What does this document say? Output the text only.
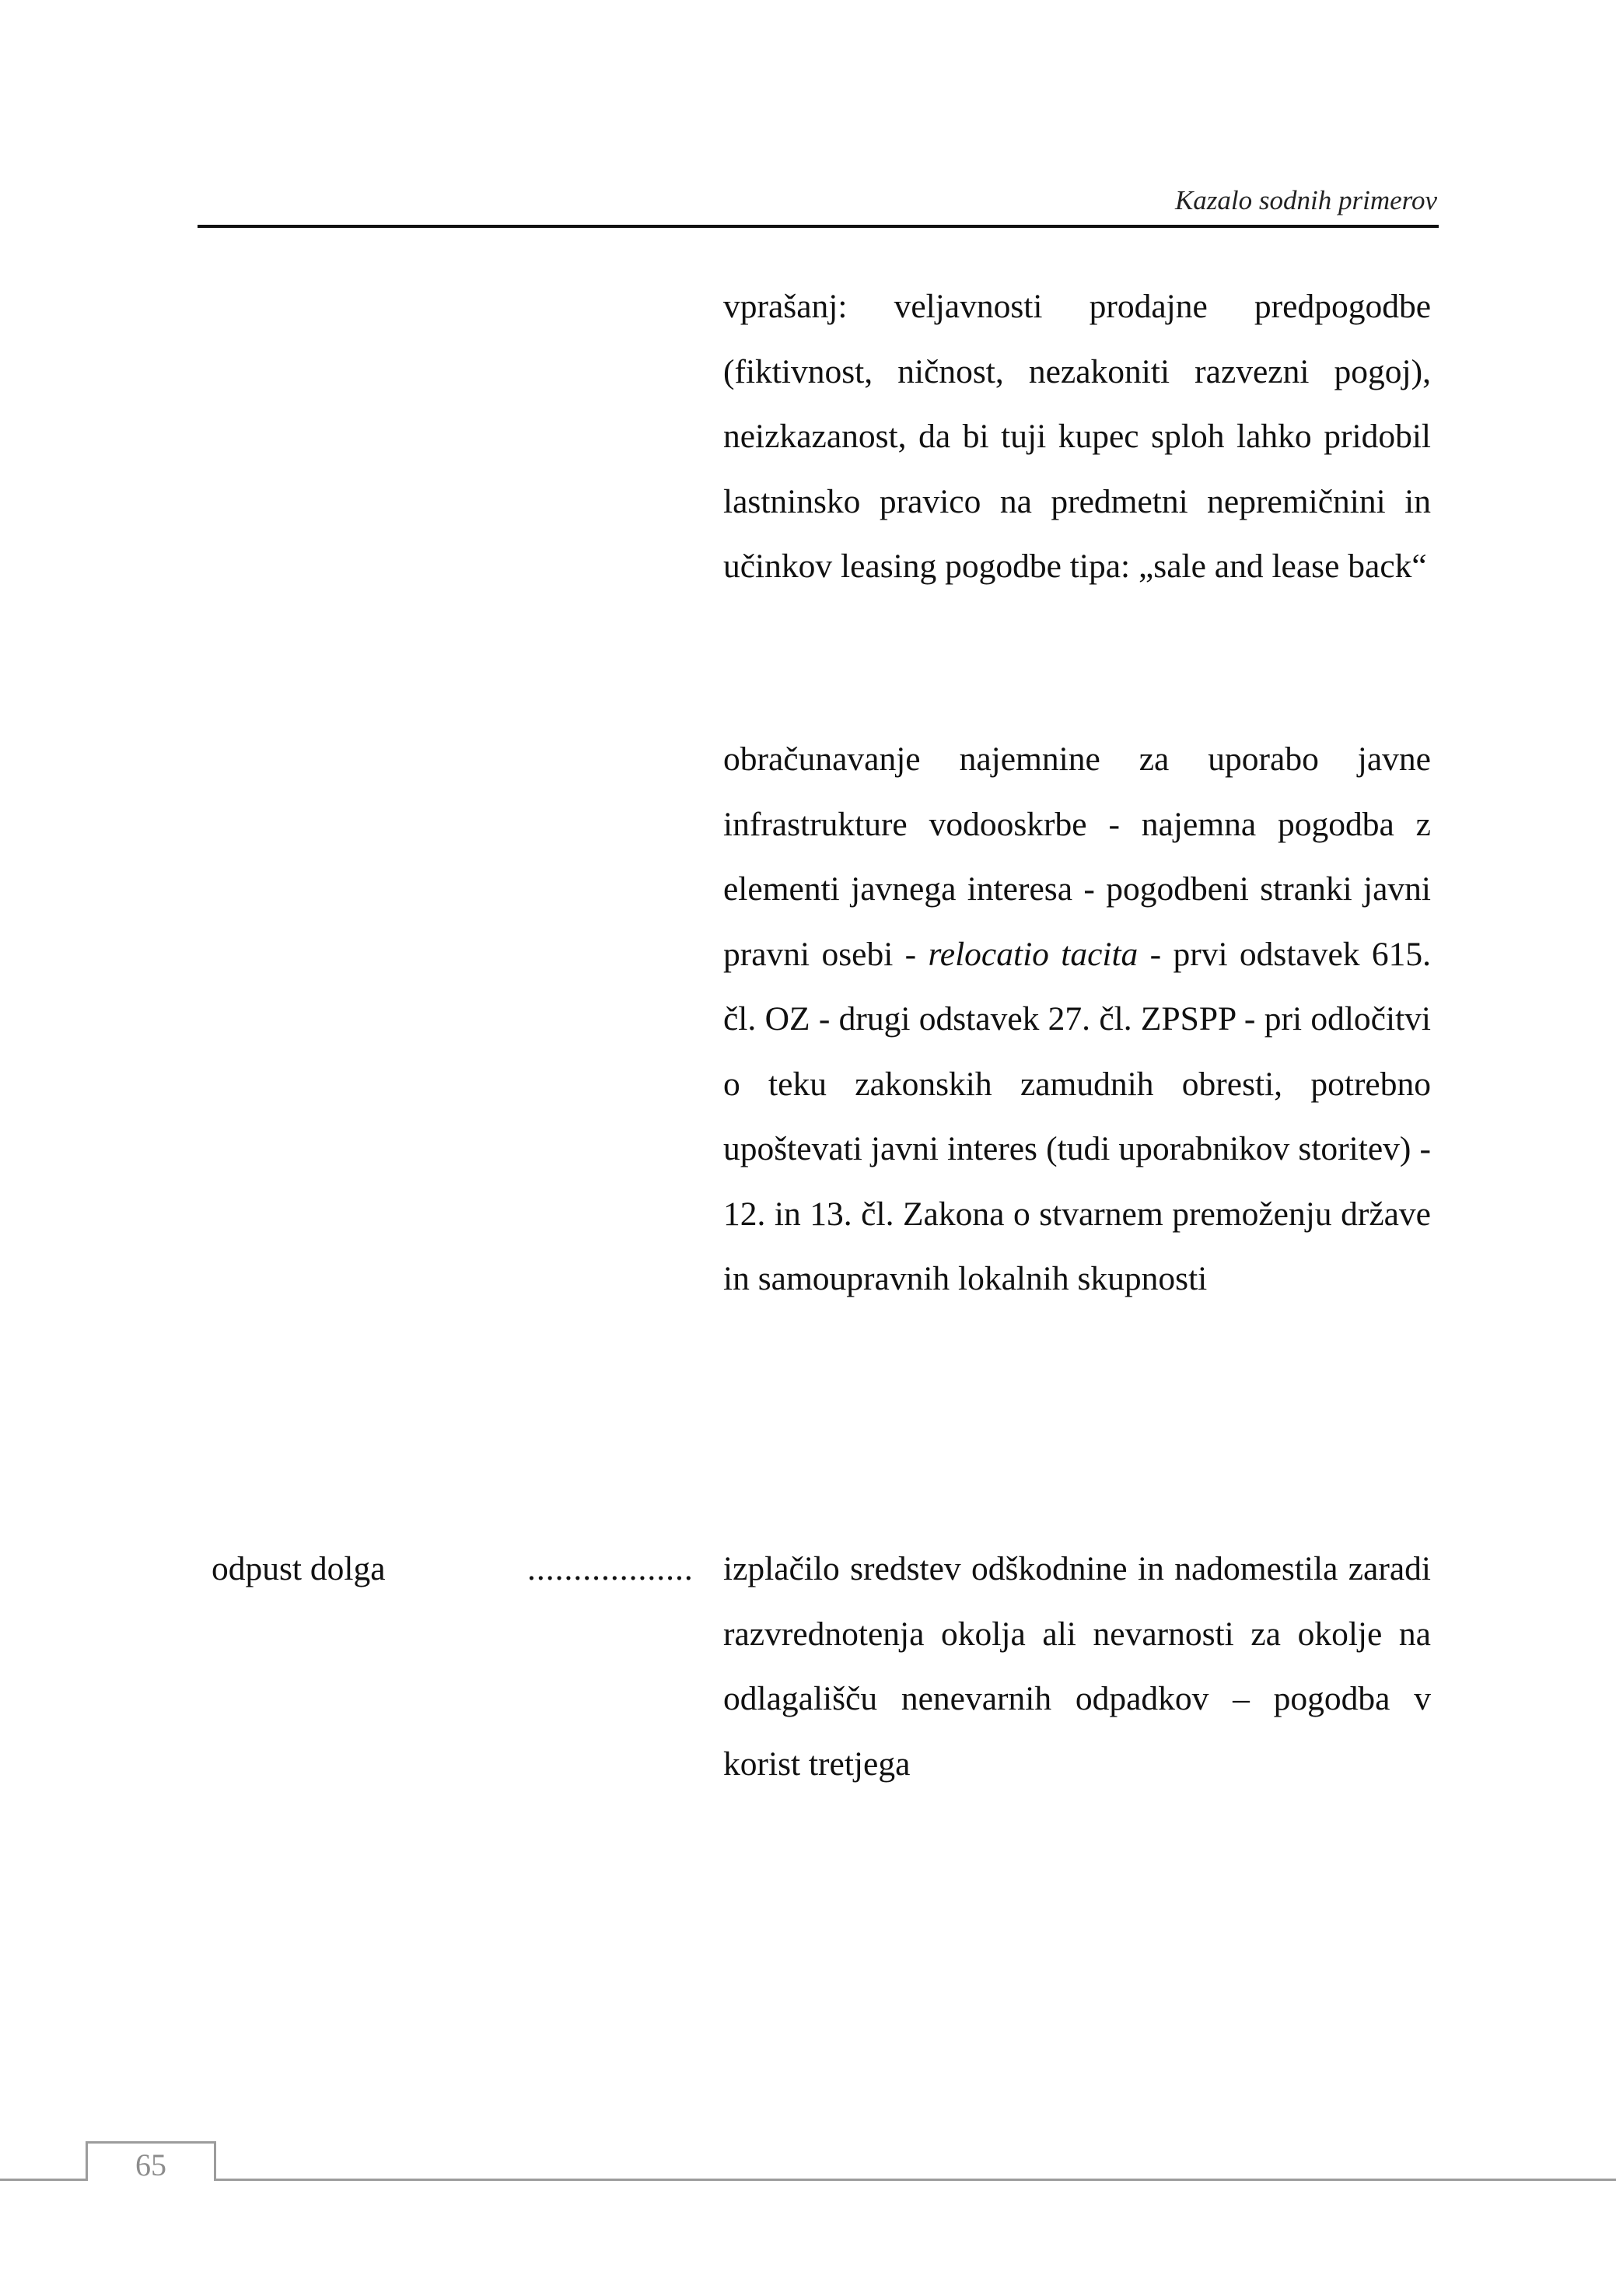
Kazalo sodnih primerov

vprašanj: veljavnosti prodajne predpogodbe (fiktivnost, ničnost, nezakoniti razvezni pogoj), neizkazanost, da bi tuji kupec sploh lahko pridobil lastninsko pravico na predmetni nepremičnini in učinkov leasing pogodbe tipa: „sale and lease back“

obračunavanje najemnine za uporabo javne infrastrukture vodooskrbe - najemna pogodba z elementi javnega interesa - pogodbeni stranki javni pravni osebi - relocatio tacita - prvi odstavek 615. čl. OZ - drugi odstavek 27. čl. ZPSPP - pri odločitvi o teku zakonskih zamudnih obresti, potrebno upoštevati javni interes (tudi uporabnikov storitev) - 12. in 13. čl. Zakona o stvarnem premoženju države in samoupravnih lokalnih skupnosti

odpust dolga	.................. izplačilo sredstev odškodnine in nadomestila zaradi razvrednotenja okolja ali nevarnosti za okolje na odlagališču nenevarnih odpadkov – pogodba v korist tretjega

65
